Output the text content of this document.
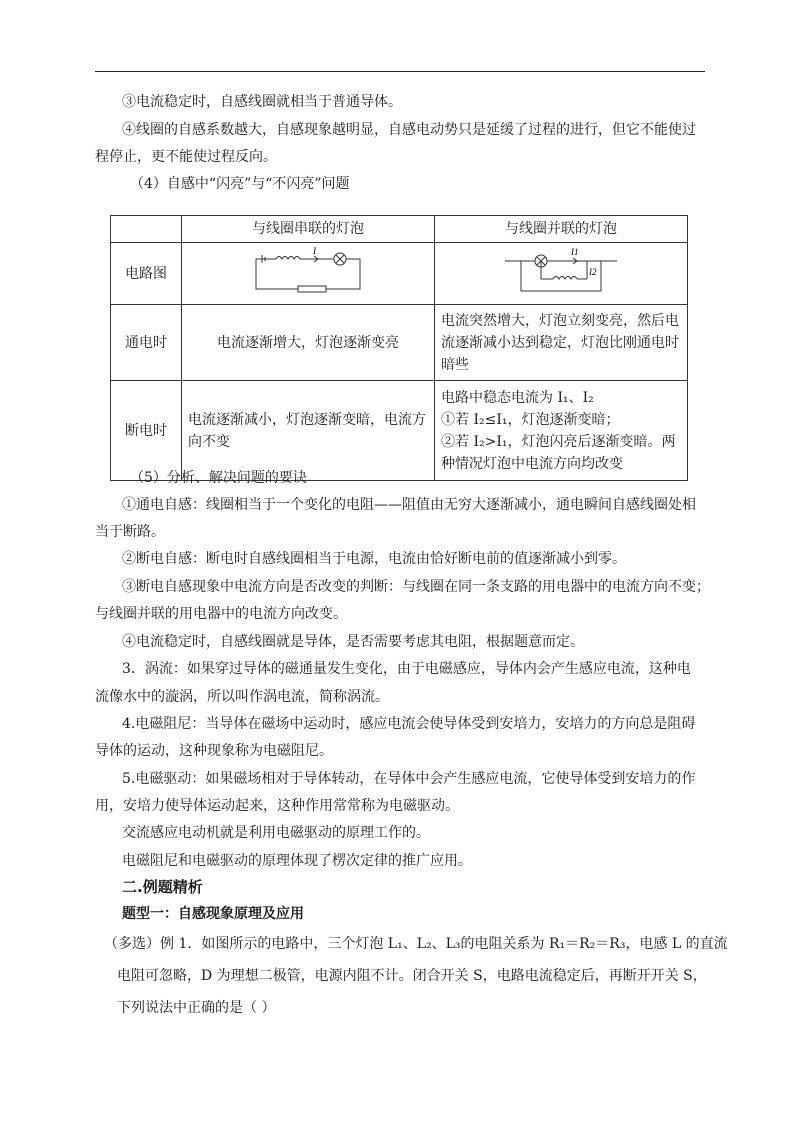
③电流稳定时，自感线圈就相当于普通导体。
④线圈的自感系数越大，自感现象越明显，自感电动势只是延缓了过程的进行，但它不能使过
程停止，更不能使过程反向。
（4）自感中“闪亮”与“不闪亮”问题
	与线圈串联的灯泡	与线圈并联的灯泡
电路图	I	I1
I2

通电时	电流逐渐增大，灯泡逐渐变亮	电流突然增大，灯泡立刻变亮，然后电流逐渐减小达到稳定，灯泡比刚通电时暗些
断电时	电流逐渐减小，灯泡逐渐变暗，电流方向不变	电路中稳态电流为 I₁、I₂
①若 I₂≤I₁，灯泡逐渐变暗；
②若 I₂>I₁，灯泡闪亮后逐渐变暗。两种情况灯泡中电流方向均改变
（5）分析、解决问题的要诀
①通电自感：线圈相当于一个变化的电阻——阻值由无穷大逐渐减小，通电瞬间自感线圈处相
当于断路。
②断电自感：断电时自感线圈相当于电源，电流由恰好断电前的值逐渐减小到零。
③断电自感现象中电流方向是否改变的判断：与线圈在同一条支路的用电器中的电流方向不变；
与线圈并联的用电器中的电流方向改变。
④电流稳定时，自感线圈就是导体，是否需要考虑其电阻，根据题意而定。
3．涡流：如果穿过导体的磁通量发生变化，由于电磁感应，导体内会产生感应电流，这种电
流像水中的漩涡，所以叫作涡电流，简称涡流。
4.电磁阻尼：当导体在磁场中运动时，感应电流会使导体受到安培力，安培力的方向总是阻碍
导体的运动，这种现象称为电磁阻尼。
5.电磁驱动：如果磁场相对于导体转动，在导体中会产生感应电流，它使导体受到安培力的作
用，安培力使导体运动起来，这种作用常常称为电磁驱动。
交流感应电动机就是利用电磁驱动的原理工作的。
电磁阻尼和电磁驱动的原理体现了楞次定律的推广应用。
二.例题精析
题型一：自感现象原理及应用
（多选）例 1．如图所示的电路中，三个灯泡 L₁、L₂、L₃的电阻关系为 R₁＝R₂＝R₃，电感 L 的直流
电阻可忽略，D 为理想二极管，电源内阻不计。闭合开关 S，电路电流稳定后，再断开开关 S，
下列说法中正确的是（ ）
